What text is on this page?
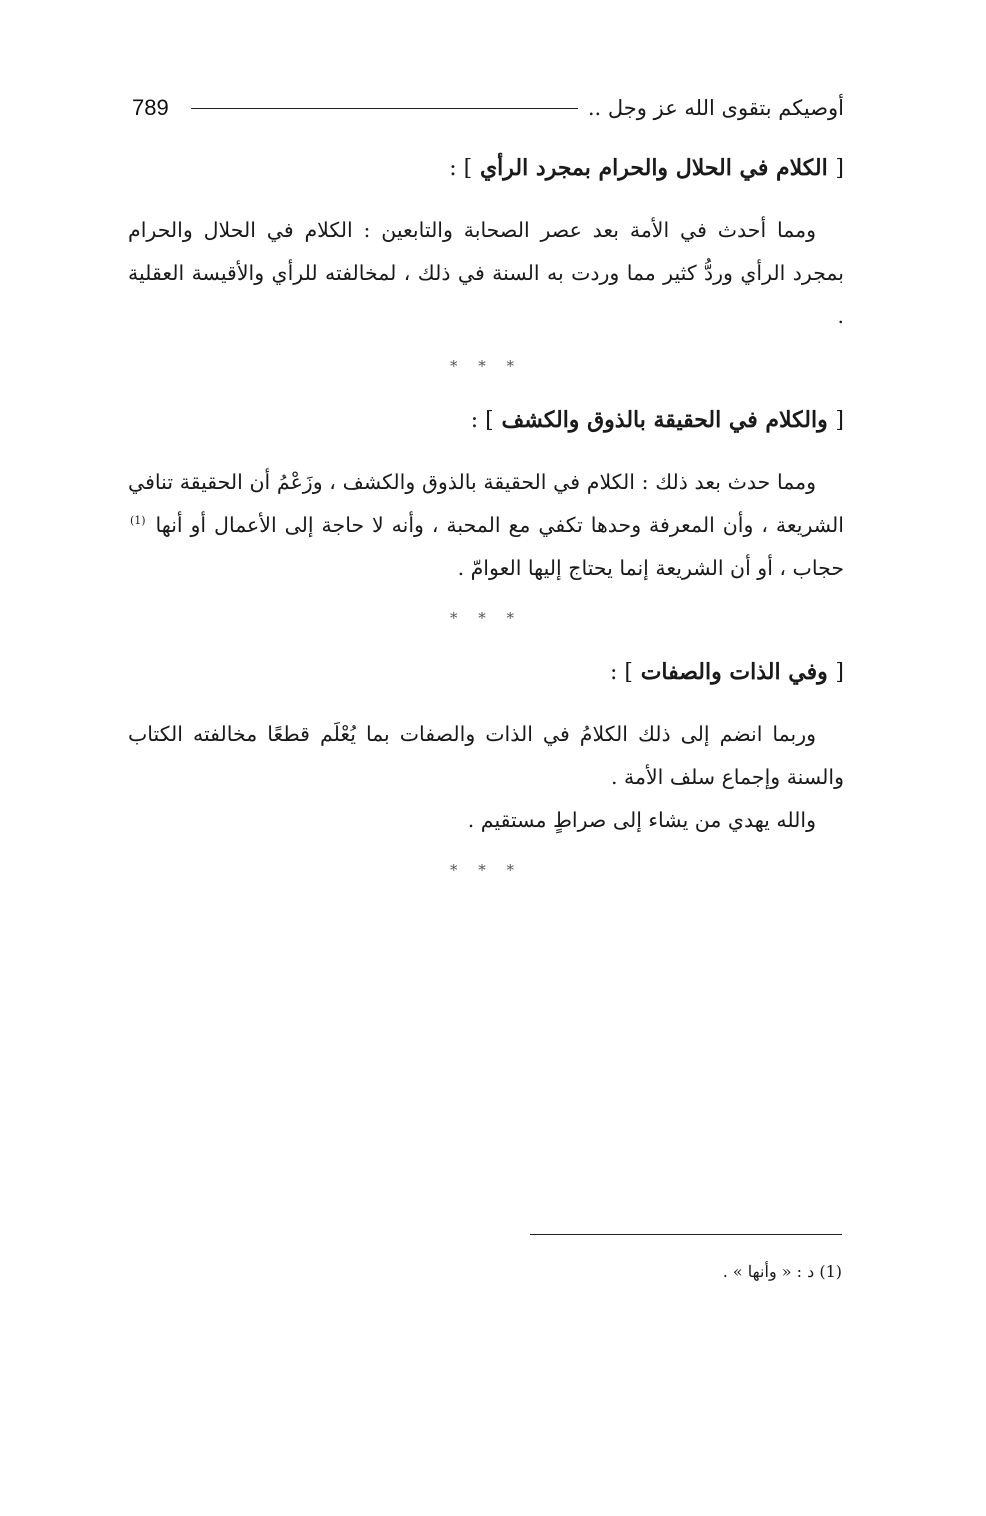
789	أوصيكم بتقوى الله عز وجل ..
[ الكلام في الحلال والحرام بمجرد الرأي ] :

ومما أحدث في الأمة بعد عصر الصحابة والتابعين : الكلام في الحلال والحرام بمجرد الرأي وردُّ كثير مما وردت به السنة في ذلك ، لمخالفته للرأي والأقيسة العقلية .

* * *
[ والكلام في الحقيقة بالذوق والكشف ] :

ومما حدث بعد ذلك : الكلام في الحقيقة بالذوق والكشف ، وزَعْمُ أن الحقيقة تنافي الشريعة ، وأن المعرفة وحدها تكفي مع المحبة ، وأنه لا حاجة إلى الأعمال أو أنها $^{(1)}$ حجاب ، أو أن الشريعة إنما يحتاج إليها العوامّ .

* * *
[ وفي الذات والصفات ] :

وربما انضم إلى ذلك الكلامُ في الذات والصفات بما يُعْلَم قطعًا مخالفته الكتاب والسنة وإجماع سلف الأمة .

والله يهدي من يشاء إلى صراطٍ مستقيم .

* * *
(1) د : « وأنها » .
